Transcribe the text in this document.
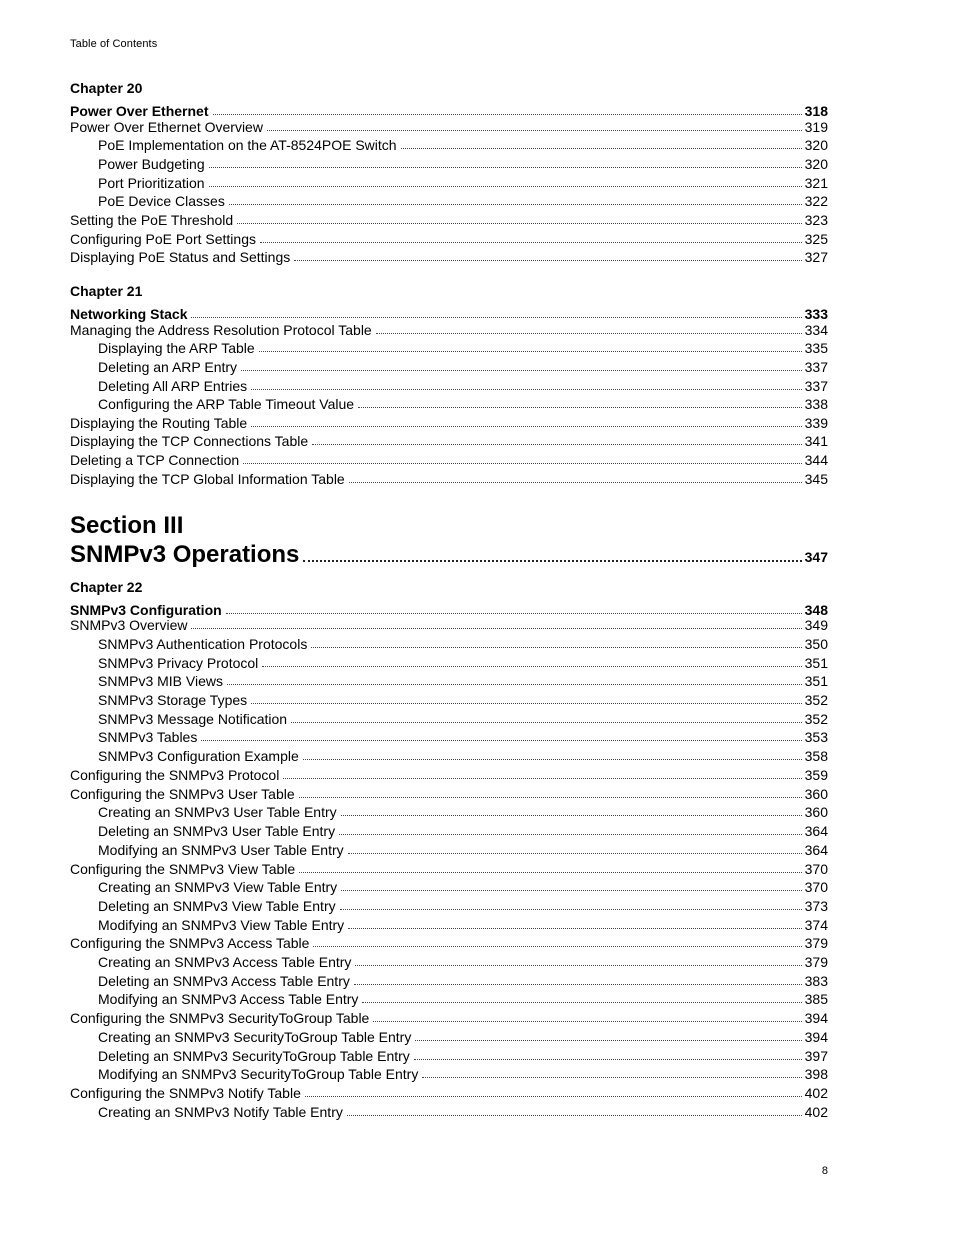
Table of Contents
Chapter 20
Power Over Ethernet	318
Power Over Ethernet Overview	319
PoE Implementation on the AT-8524POE Switch	320
Power Budgeting	320
Port Prioritization	321
PoE Device Classes	322
Setting the PoE Threshold	323
Configuring PoE Port Settings	325
Displaying PoE Status and Settings	327
Chapter 21
Networking Stack	333
Managing the Address Resolution Protocol Table	334
Displaying the ARP Table	335
Deleting an ARP Entry	337
Deleting All ARP Entries	337
Configuring the ARP Table Timeout Value	338
Displaying the Routing Table	339
Displaying the TCP Connections Table	341
Deleting a TCP Connection	344
Displaying the TCP Global Information Table	345
Section III
SNMPv3 Operations	347
Chapter 22
SNMPv3 Configuration	348
SNMPv3 Overview	349
SNMPv3 Authentication Protocols	350
SNMPv3 Privacy Protocol	351
SNMPv3 MIB Views	351
SNMPv3 Storage Types	352
SNMPv3 Message Notification	352
SNMPv3 Tables	353
SNMPv3 Configuration Example	358
Configuring the SNMPv3 Protocol	359
Configuring the SNMPv3 User Table	360
Creating an SNMPv3 User Table Entry	360
Deleting an SNMPv3 User Table Entry	364
Modifying an SNMPv3 User Table Entry	364
Configuring the SNMPv3 View Table	370
Creating an SNMPv3 View Table Entry	370
Deleting an SNMPv3 View Table Entry	373
Modifying an SNMPv3 View Table Entry	374
Configuring the SNMPv3 Access Table	379
Creating an SNMPv3 Access Table Entry	379
Deleting an SNMPv3 Access Table Entry	383
Modifying an SNMPv3 Access Table Entry	385
Configuring the SNMPv3 SecurityToGroup Table	394
Creating an SNMPv3 SecurityToGroup Table Entry	394
Deleting an SNMPv3 SecurityToGroup Table Entry	397
Modifying an SNMPv3 SecurityToGroup Table Entry	398
Configuring the SNMPv3 Notify Table	402
Creating an SNMPv3 Notify Table Entry	402
8
